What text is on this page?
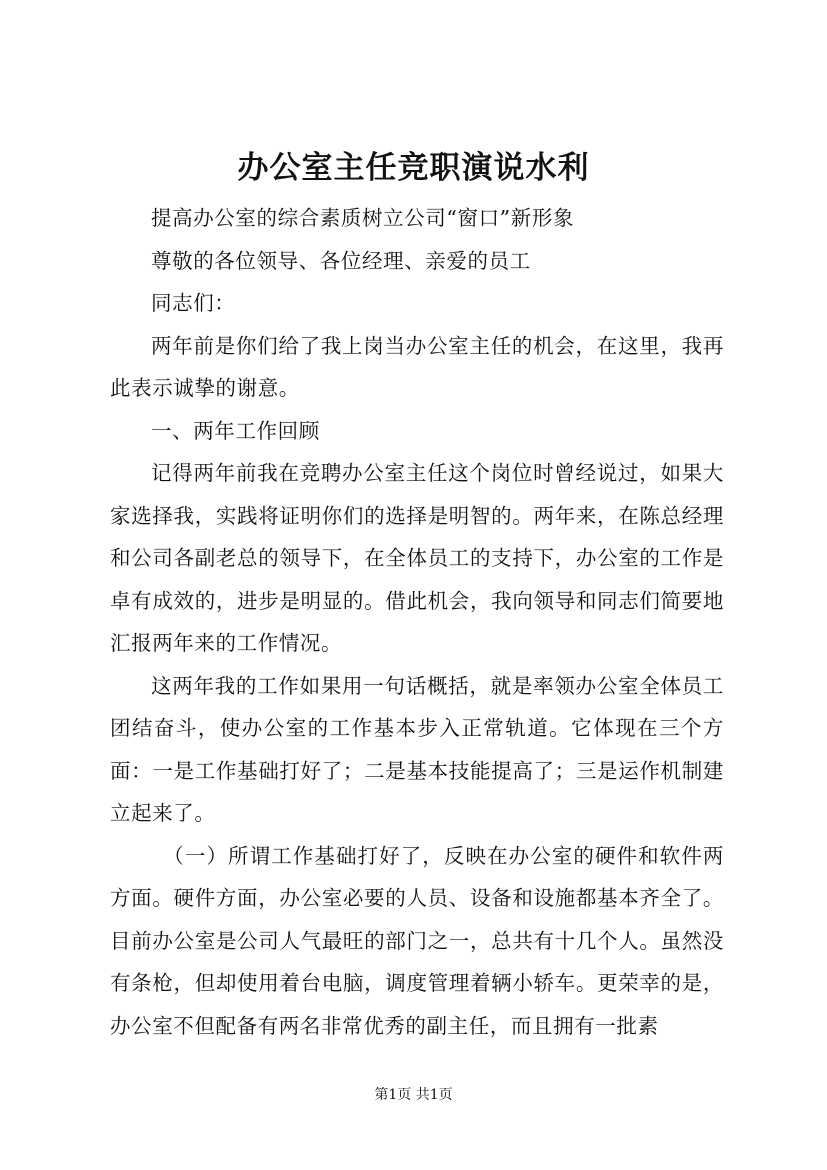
办公室主任竞职演说水利

提高办公室的综合素质树立公司“窗口”新形象

尊敬的各位领导、各位经理、亲爱的员工

同志们：

两年前是你们给了我上岗当办公室主任的机会，在这里，我再此表示诚挚的谢意。

一、两年工作回顾

记得两年前我在竞聘办公室主任这个岗位时曾经说过，如果大家选择我，实践将证明你们的选择是明智的。两年来，在陈总经理和公司各副老总的领导下，在全体员工的支持下，办公室的工作是卓有成效的，进步是明显的。借此机会，我向领导和同志们简要地汇报两年来的工作情况。

这两年我的工作如果用一句话概括，就是率领办公室全体员工团结奋斗，使办公室的工作基本步入正常轨道。它体现在三个方面：一是工作基础打好了；二是基本技能提高了；三是运作机制建立起来了。

（一）所谓工作基础打好了，反映在办公室的硬件和软件两方面。硬件方面，办公室必要的人员、设备和设施都基本齐全了。目前办公室是公司人气最旺的部门之一，总共有十几个人。虽然没有条枪，但却使用着台电脑，调度管理着辆小轿车。更荣幸的是，办公室不但配备有两名非常优秀的副主任，而且拥有一批素

第1页 共1页
